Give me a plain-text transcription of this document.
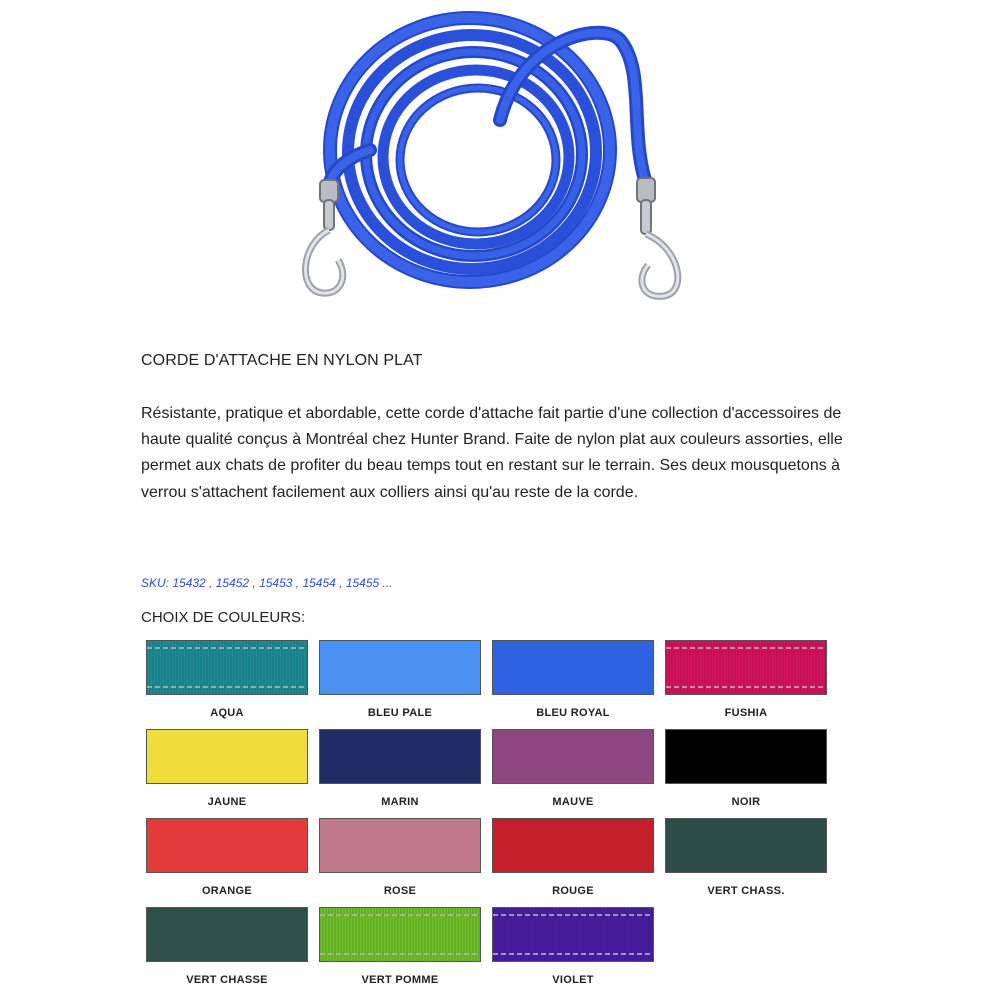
CORDE D'ATTACHE EN NYLON PLAT
Résistante, pratique et abordable, cette corde d'attache fait partie d'une collection d'accessoires de haute qualité conçus à Montréal chez Hunter Brand. Faite de nylon plat aux couleurs assorties, elle permet aux chats de profiter du beau temps tout en restant sur le terrain. Ses deux mousquetons à verrou s'attachent facilement aux colliers ainsi qu'au reste de la corde.
SKU: 15432 , 15452 , 15453 , 15454 , 15455 ...
CHOIX DE COULEURS:
AQUA	BLEU PALE	BLEU ROYAL	FUSHIA
JAUNE	MARIN	MAUVE	NOIR
ORANGE	ROSE	ROUGE	VERT CHASS.
VERT CHASSE	VERT POMME	VIOLET
